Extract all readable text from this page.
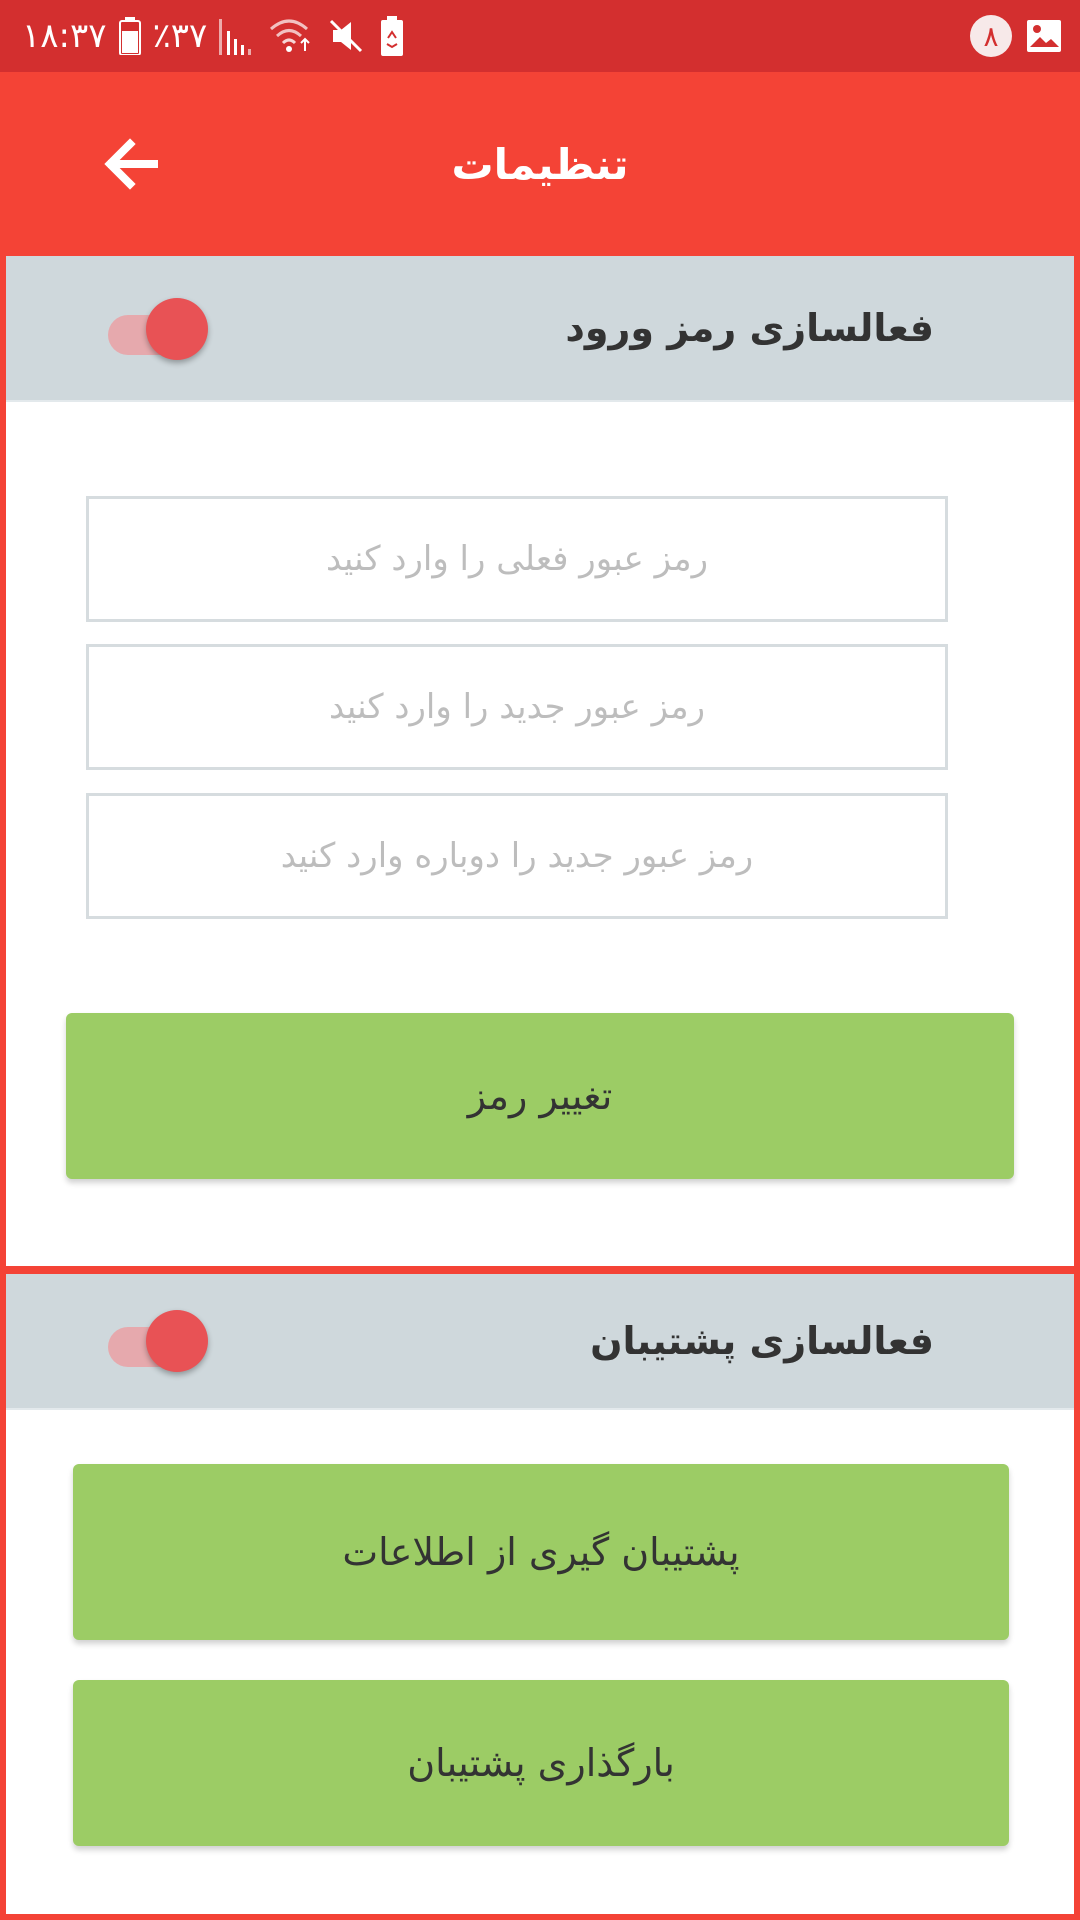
۱۸:۳۷ ٪۳۷	۸
تنظیمات
فعالسازی رمز ورود
رمز عبور فعلی را وارد کنید
رمز عبور جدید را وارد کنید
رمز عبور جدید را دوباره وارد کنید
تغییر رمز
فعالسازی پشتیبان
پشتیبان گیری از اطلاعات
بارگذاری پشتیبان
